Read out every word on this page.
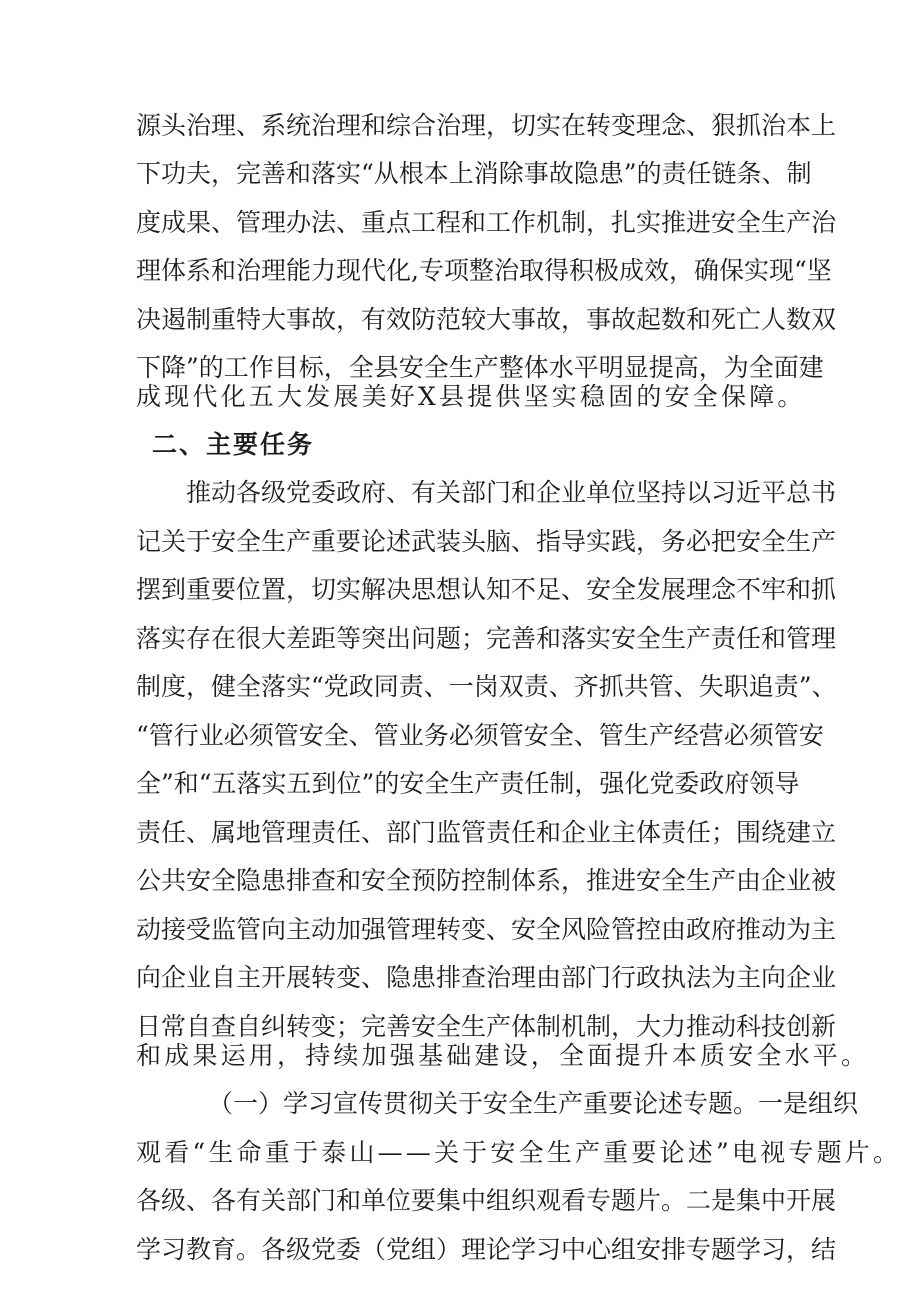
源头治理、系统治理和综合治理，切实在转变理念、狠抓治本上
下功夫，完善和落实“从根本上消除事故隐患”的责任链条、制
度成果、管理办法、重点工程和工作机制，扎实推进安全生产治
理体系和治理能力现代化,专项整治取得积极成效，确保实现“坚
决遏制重特大事故，有效防范较大事故，事故起数和死亡人数双
下降”的工作目标，全县安全生产整体水平明显提高，为全面建
成现代化五大发展美好X县提供坚实稳固的安全保障。
二、主要任务
推动各级党委政府、有关部门和企业单位坚持以习近平总书
记关于安全生产重要论述武装头脑、指导实践，务必把安全生产
摆到重要位置，切实解决思想认知不足、安全发展理念不牢和抓
落实存在很大差距等突出问题；完善和落实安全生产责任和管理
制度，健全落实“党政同责、一岗双责、齐抓共管、失职追责”、
“管行业必须管安全、管业务必须管安全、管生产经营必须管安
全”和“五落实五到位”的安全生产责任制，强化党委政府领导
责任、属地管理责任、部门监管责任和企业主体责任；围绕建立
公共安全隐患排查和安全预防控制体系，推进安全生产由企业被
动接受监管向主动加强管理转变、安全风险管控由政府推动为主
向企业自主开展转变、隐患排查治理由部门行政执法为主向企业
日常自查自纠转变；完善安全生产体制机制，大力推动科技创新
和成果运用，持续加强基础建设，全面提升本质安全水平。
（一）学习宣传贯彻关于安全生产重要论述专题。一是组织
观看“生命重于泰山——关于安全生产重要论述”电视专题片。
各级、各有关部门和单位要集中组织观看专题片。二是集中开展
学习教育。各级党委（党组）理论学习中心组安排专题学习，结
